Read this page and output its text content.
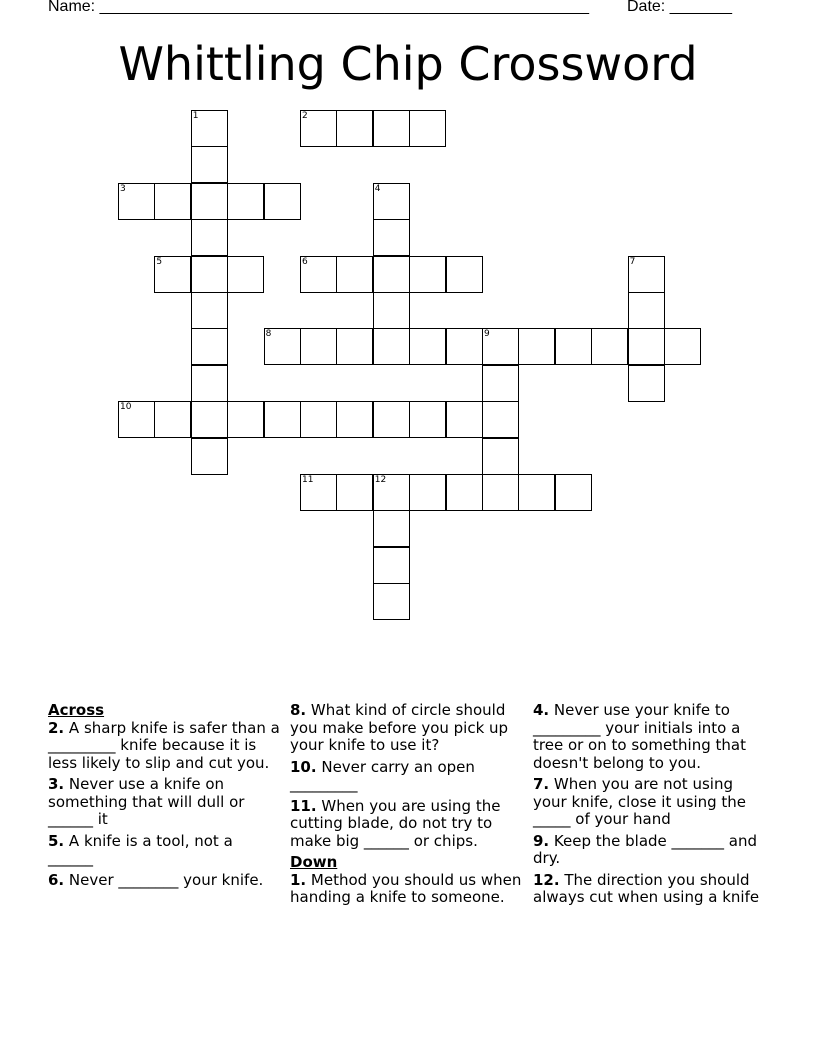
Name: _______________________________________________________ Date: _______
Whittling Chip Crossword
2
3
5	6
8	9
10
11	12
1
4
7
Across
2. A sharp knife is safer than a _________ knife because it is less likely to slip and cut you.
3. Never use a knife on something that will dull or ______ it
5. A knife is a tool, not a ______
6. Never ________ your knife.
8. What kind of circle should you make before you pick up your knife to use it?
10. Never carry an open _________
11. When you are using the cutting blade, do not try to make big ______ or chips.
Down
1. Method you should us when handing a knife to someone.
4. Never use your knife to _________ your initials into a tree or on to something that doesn't belong to you.
7. When you are not using your knife, close it using the _____ of your hand
9. Keep the blade _______ and dry.
12. The direction you should always cut when using a knife
